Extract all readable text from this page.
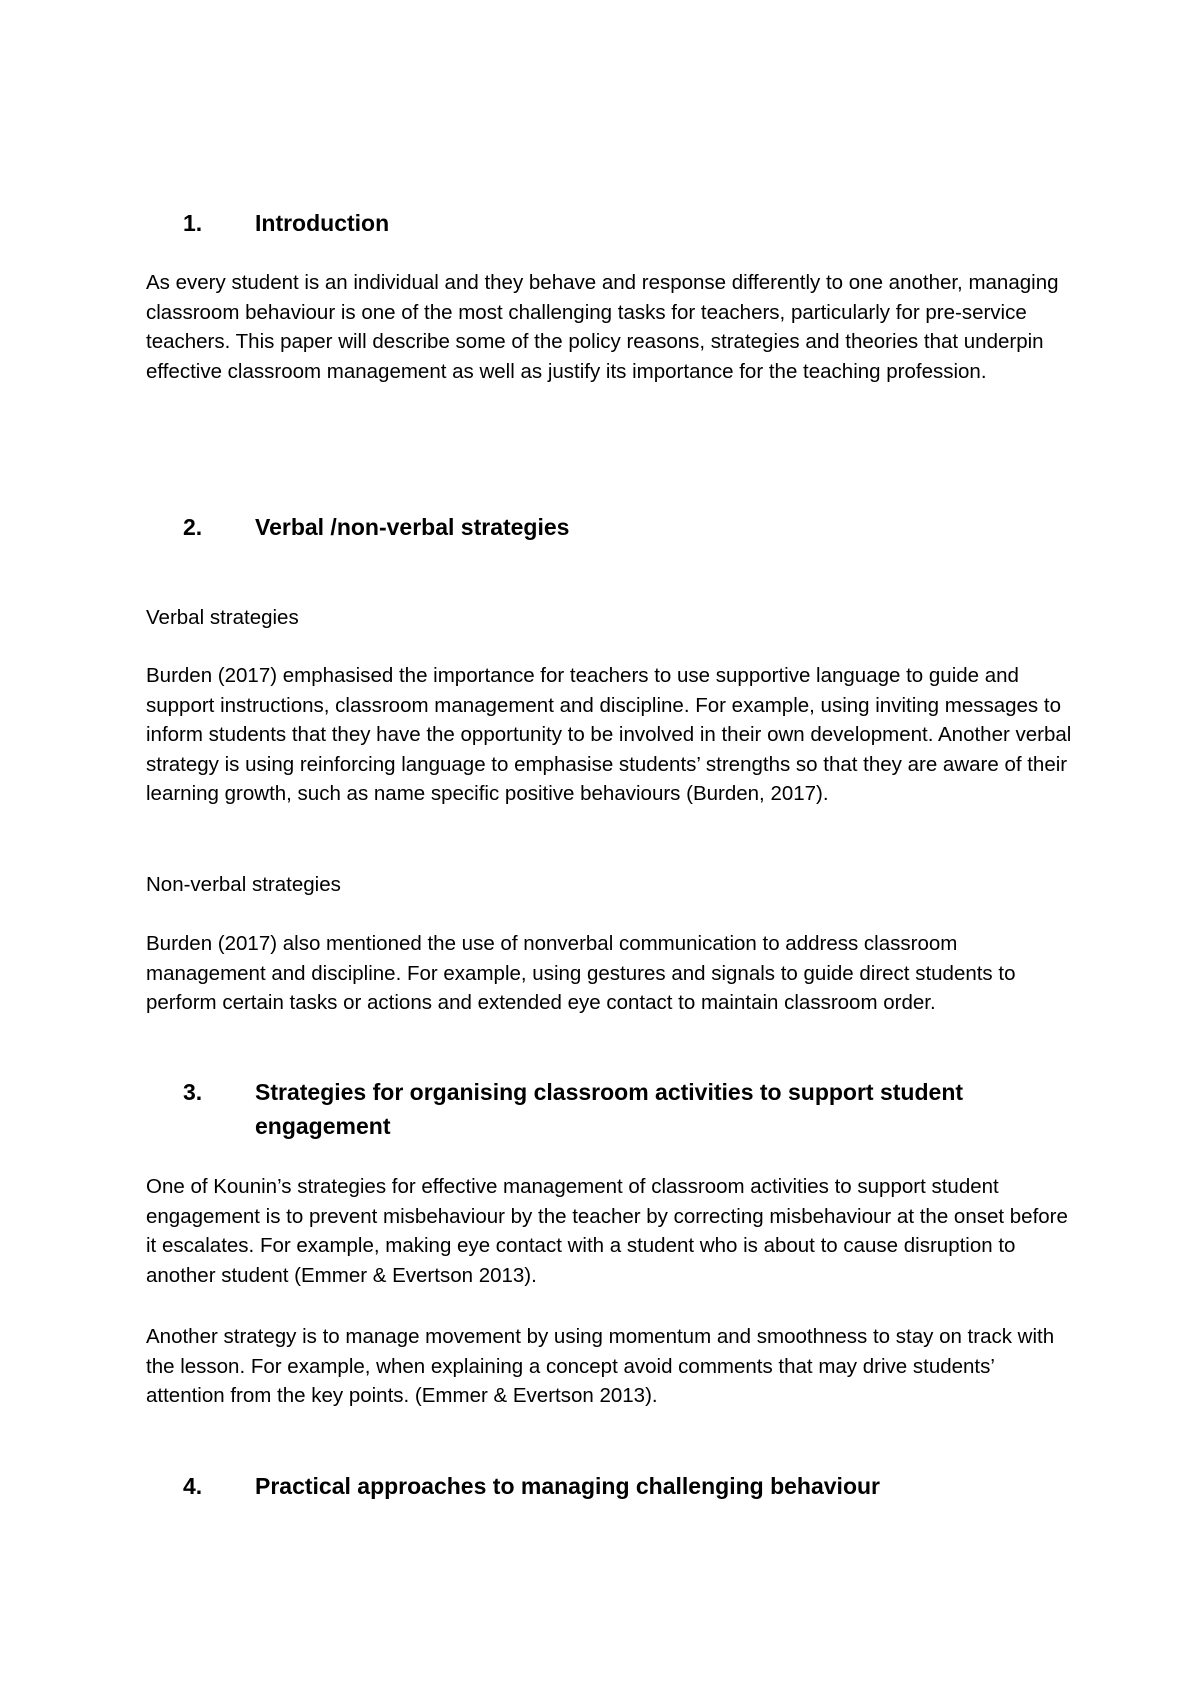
1.	Introduction

As every student is an individual and they behave and response differently to one another, managing classroom behaviour is one of the most challenging tasks for teachers, particularly for pre-service teachers. This paper will describe some of the policy reasons, strategies and theories that underpin effective classroom management as well as justify its importance for the teaching profession.

2.	Verbal /non-verbal strategies
Verbal strategies

Burden (2017) emphasised the importance for teachers to use supportive language to guide and support instructions, classroom management and discipline. For example, using inviting messages to inform students that they have the opportunity to be involved in their own development. Another verbal strategy is using reinforcing language to emphasise students’ strengths so that they are aware of their learning growth, such as name specific positive behaviours (Burden, 2017).

Non-verbal strategies

Burden (2017) also mentioned the use of nonverbal communication to address classroom management and discipline. For example, using gestures and signals to guide direct students to perform certain tasks or actions and extended eye contact to maintain classroom order.

3.	Strategies for organising classroom activities to support student engagement

One of Kounin’s strategies for effective management of classroom activities to support student engagement is to prevent misbehaviour by the teacher by correcting misbehaviour at the onset before it escalates. For example, making eye contact with a student who is about to cause disruption to another student (Emmer & Evertson 2013).

Another strategy is to manage movement by using momentum and smoothness to stay on track with the lesson. For example, when explaining a concept avoid comments that may drive students’ attention from the key points. (Emmer & Evertson 2013).

4.	Practical approaches to managing challenging behaviour
